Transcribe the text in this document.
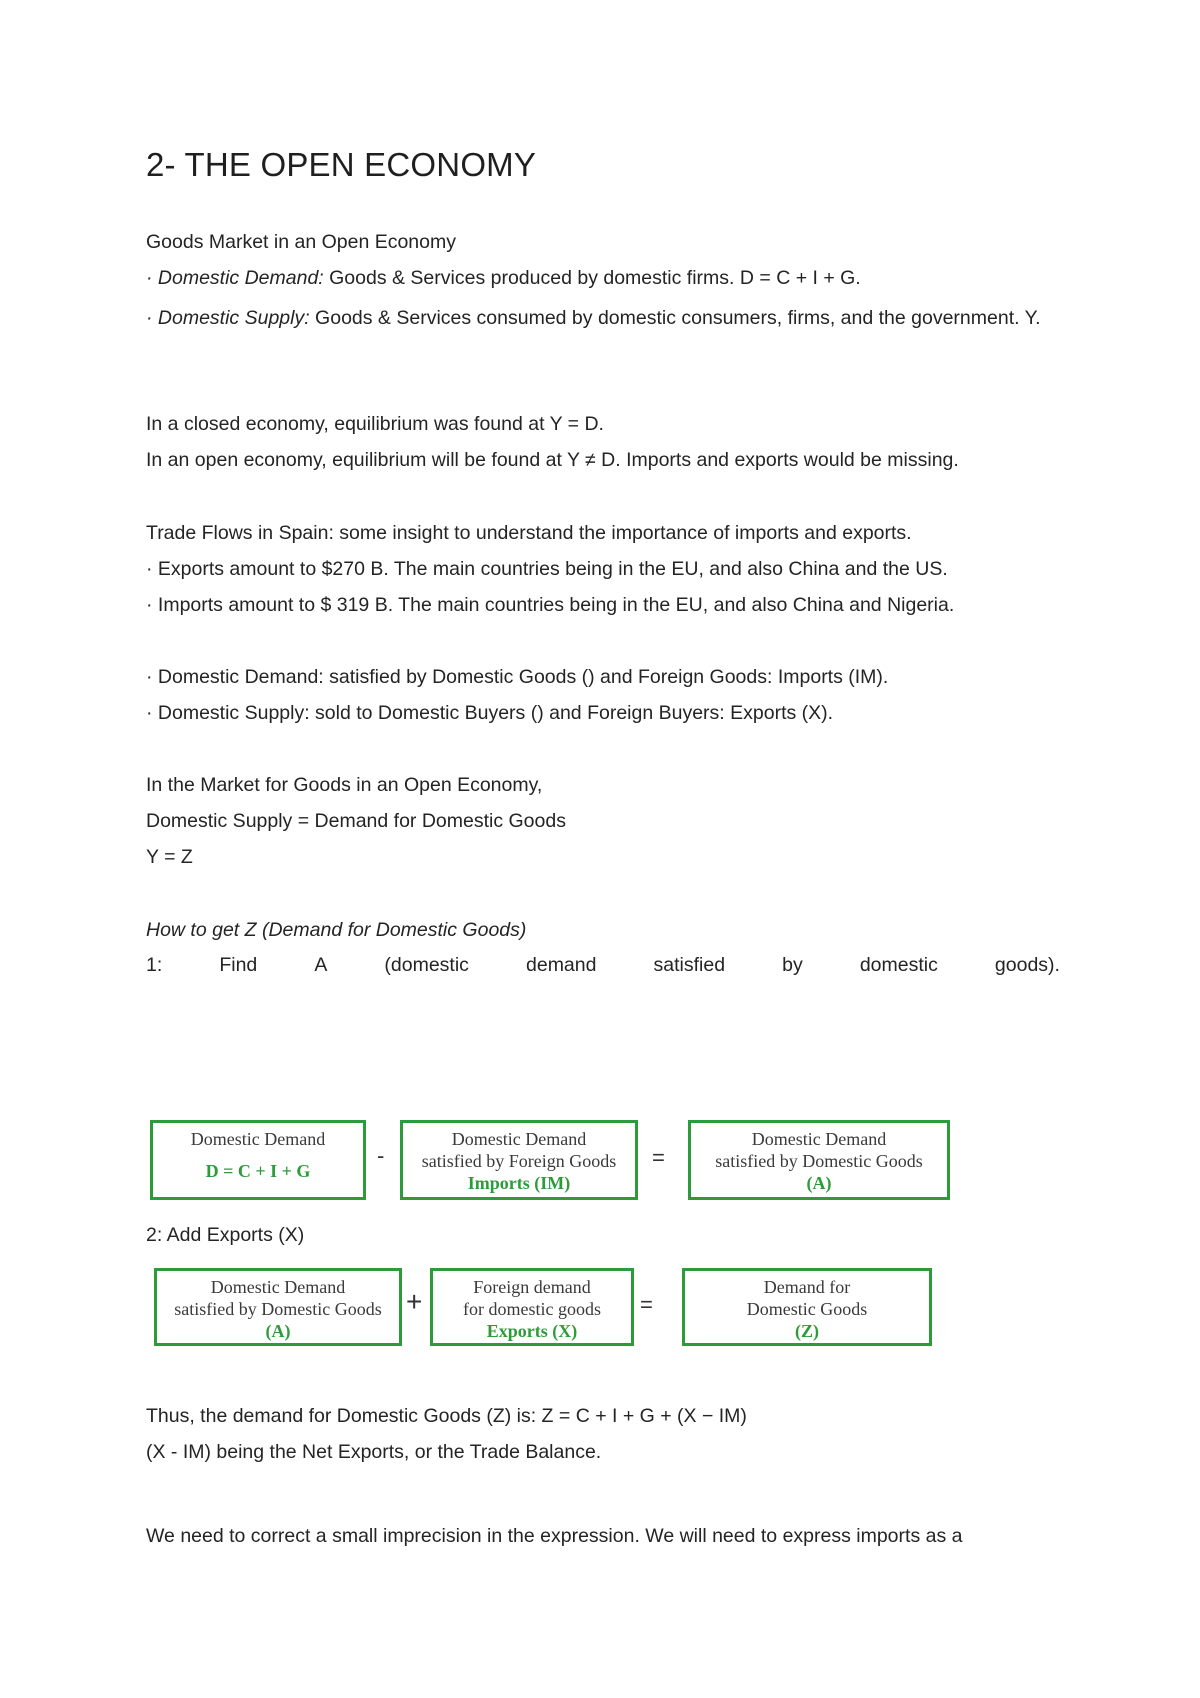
2- THE OPEN ECONOMY
Goods Market in an Open Economy
· Domestic Demand: Goods & Services produced by domestic firms. D = C + I + G.
· Domestic Supply: Goods & Services consumed by domestic consumers, firms, and the government. Y.
In a closed economy, equilibrium was found at Y = D.
In an open economy, equilibrium will be found at Y ≠ D. Imports and exports would be missing.
Trade Flows in Spain: some insight to understand the importance of imports and exports.
· Exports amount to $270 B. The main countries being in the EU, and also China and the US.
· Imports amount to $ 319 B. The main countries being in the EU, and also China and Nigeria.
· Domestic Demand: satisfied by Domestic Goods () and Foreign Goods: Imports (IM).
· Domestic Supply: sold to Domestic Buyers () and Foreign Buyers: Exports (X).
In the Market for Goods in an Open Economy,
Domestic Supply = Demand for Domestic Goods
Y = Z
How to get Z (Demand for Domestic Goods)
1:	Find	A	(domestic	demand	satisfied	by	domestic	goods).
Domestic Demand
D = C + I + G
-
Domestic Demand
satisfied by Foreign Goods
Imports (IM)
=
Domestic Demand
satisfied by Domestic Goods
(A)
2: Add Exports (X)
Domestic Demand
satisfied by Domestic Goods
(A)
+	Foreign demand
for domestic goods
Exports (X)
=
Demand for
Domestic Goods
(Z)
Thus, the demand for Domestic Goods (Z) is: Z = C + I + G + (X − IM)
(X - IM) being the Net Exports, or the Trade Balance.
We need to correct a small imprecision in the expression. We will need to express imports as a
